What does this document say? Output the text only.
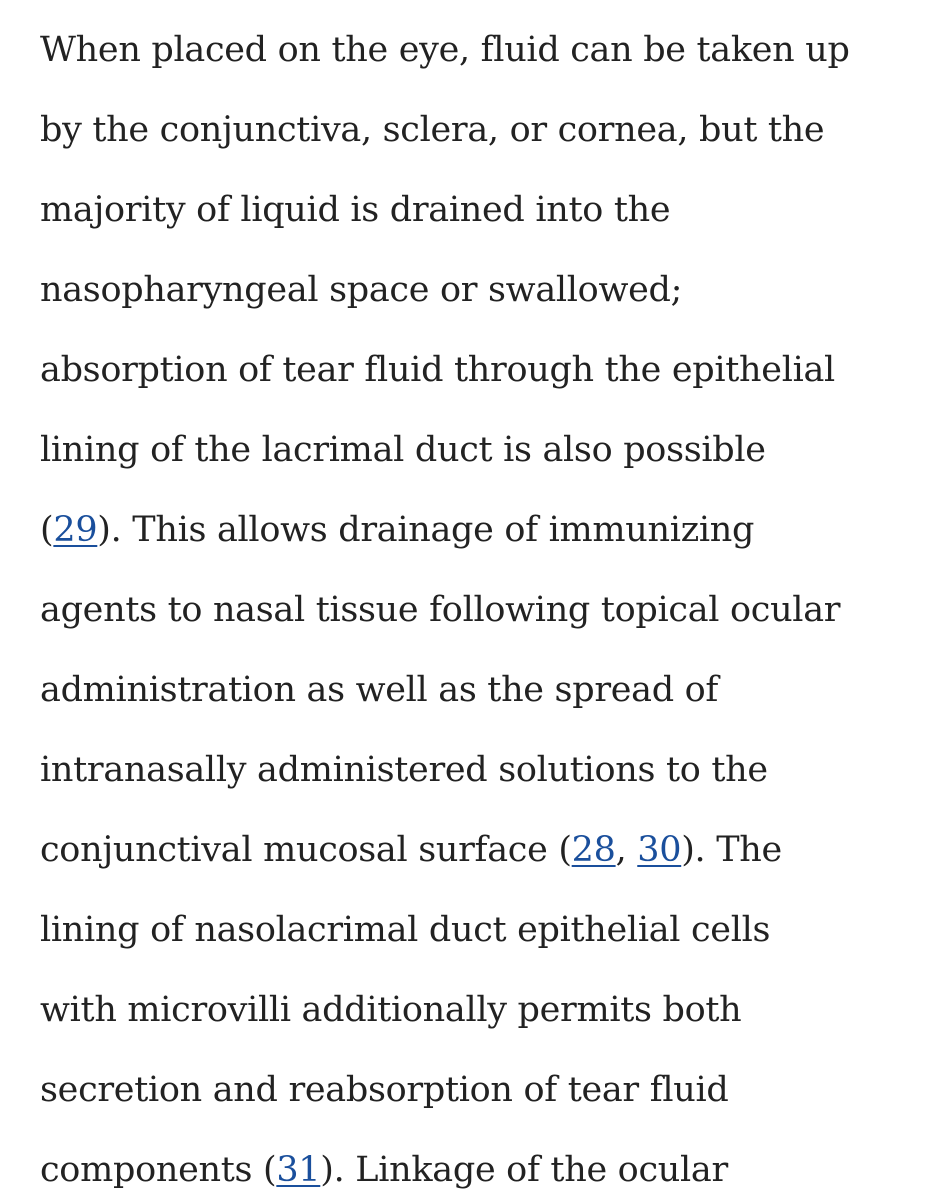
When placed on the eye, fluid can be taken up
by the conjunctiva, sclera, or cornea, but the
majority of liquid is drained into the
nasopharyngeal space or swallowed;
absorption of tear fluid through the epithelial
lining of the lacrimal duct is also possible
(29). This allows drainage of immunizing
agents to nasal tissue following topical ocular
administration as well as the spread of
intranasally administered solutions to the
conjunctival mucosal surface (28, 30). The
lining of nasolacrimal duct epithelial cells
with microvilli additionally permits both
secretion and reabsorption of tear fluid
components (31). Linkage of the ocular
